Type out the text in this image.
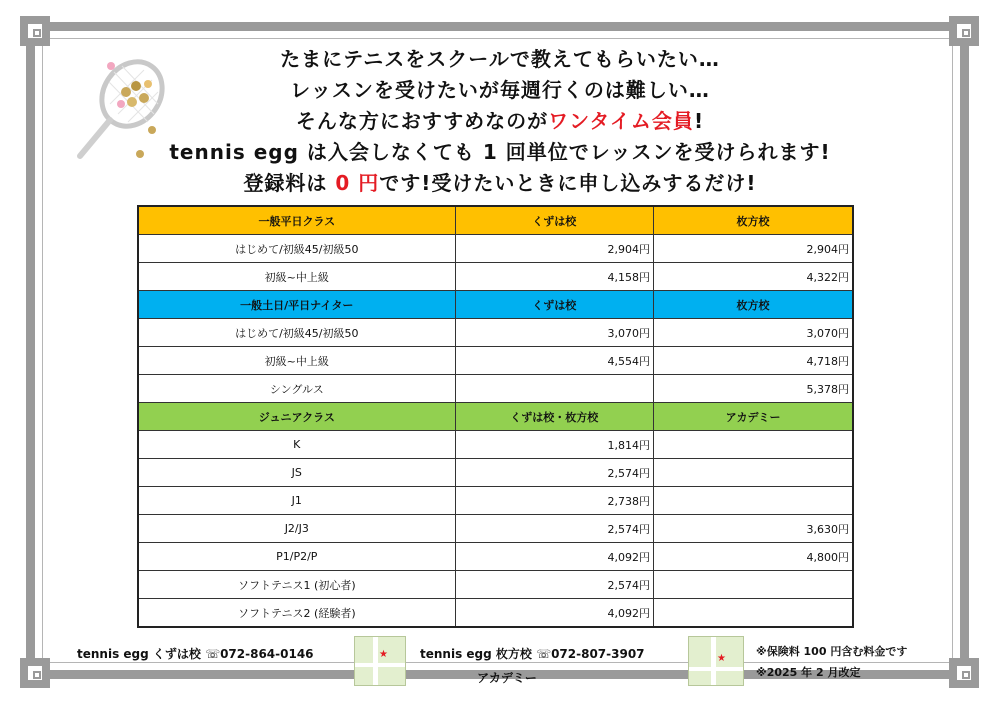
たまにテニスをスクールで教えてもらいたい…
レッスンを受けたいが毎週行くのは難しい…
そんな方におすすめなのがワンタイム会員!
tennis egg は入会しなくても 1 回単位でレッスンを受けられます!
登録料は 0 円です!受けたいときに申し込みするだけ!
一般平日クラス	くずは校	枚方校
はじめて/初級45/初級50	2,904円	2,904円
初級~中上級	4,158円	4,322円
一般土日/平日ナイター	くずは校	枚方校
はじめて/初級45/初級50	3,070円	3,070円
初級~中上級	4,554円	4,718円
シングルス		5,378円
ジュニアクラス	くずは校・枚方校	アカデミー
K	1,814円	
JS	2,574円	
J1	2,738円	
J2/J3	2,574円	3,630円
P1/P2/P	4,092円	4,800円
ソフトテニス1 (初心者)	2,574円	
ソフトテニス2 (経験者)	4,092円	
tennis egg くずは校 ☏072-864-0146	★	tennis egg 枚方校 ☏072-807-3907
アカデミー
★
※保険料 100 円含む料金です
※2025 年 2 月改定
